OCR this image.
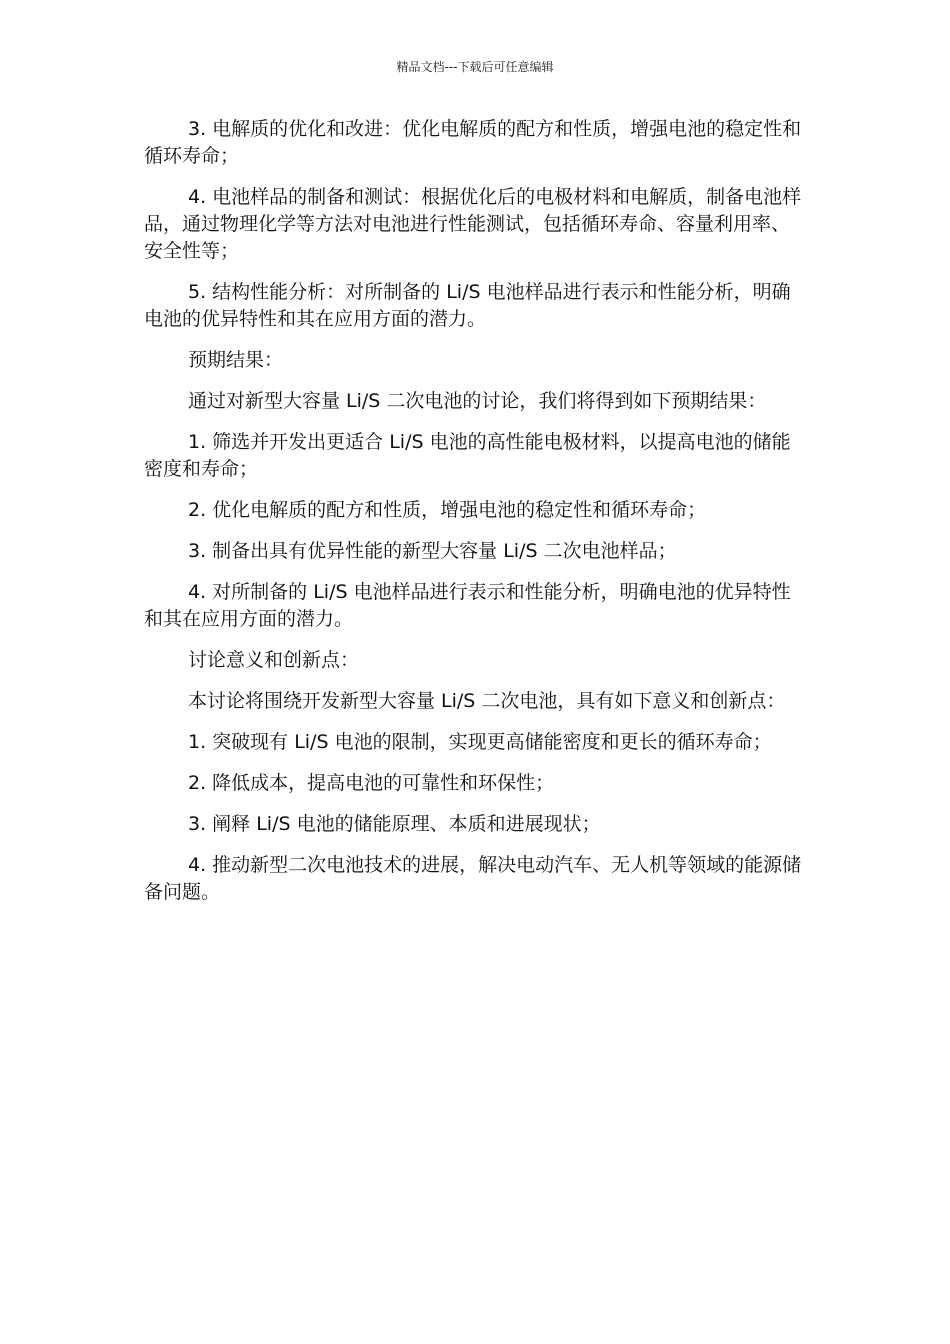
精品文档---下载后可任意编辑

3. 电解质的优化和改进：优化电解质的配方和性质，增强电池的稳定性和循环寿命；

4. 电池样品的制备和测试：根据优化后的电极材料和电解质，制备电池样品，通过物理化学等方法对电池进行性能测试，包括循环寿命、容量利用率、安全性等；

5. 结构性能分析：对所制备的 Li/S 电池样品进行表示和性能分析，明确电池的优异特性和其在应用方面的潜力。

预期结果：

通过对新型大容量 Li/S 二次电池的讨论，我们将得到如下预期结果：

1. 筛选并开发出更适合 Li/S 电池的高性能电极材料，以提高电池的储能密度和寿命；

2. 优化电解质的配方和性质，增强电池的稳定性和循环寿命；

3. 制备出具有优异性能的新型大容量 Li/S 二次电池样品；

4. 对所制备的 Li/S 电池样品进行表示和性能分析，明确电池的优异特性和其在应用方面的潜力。

讨论意义和创新点：

本讨论将围绕开发新型大容量 Li/S 二次电池，具有如下意义和创新点：

1. 突破现有 Li/S 电池的限制，实现更高储能密度和更长的循环寿命；

2. 降低成本，提高电池的可靠性和环保性；

3. 阐释 Li/S 电池的储能原理、本质和进展现状；

4. 推动新型二次电池技术的进展，解决电动汽车、无人机等领域的能源储备问题。
